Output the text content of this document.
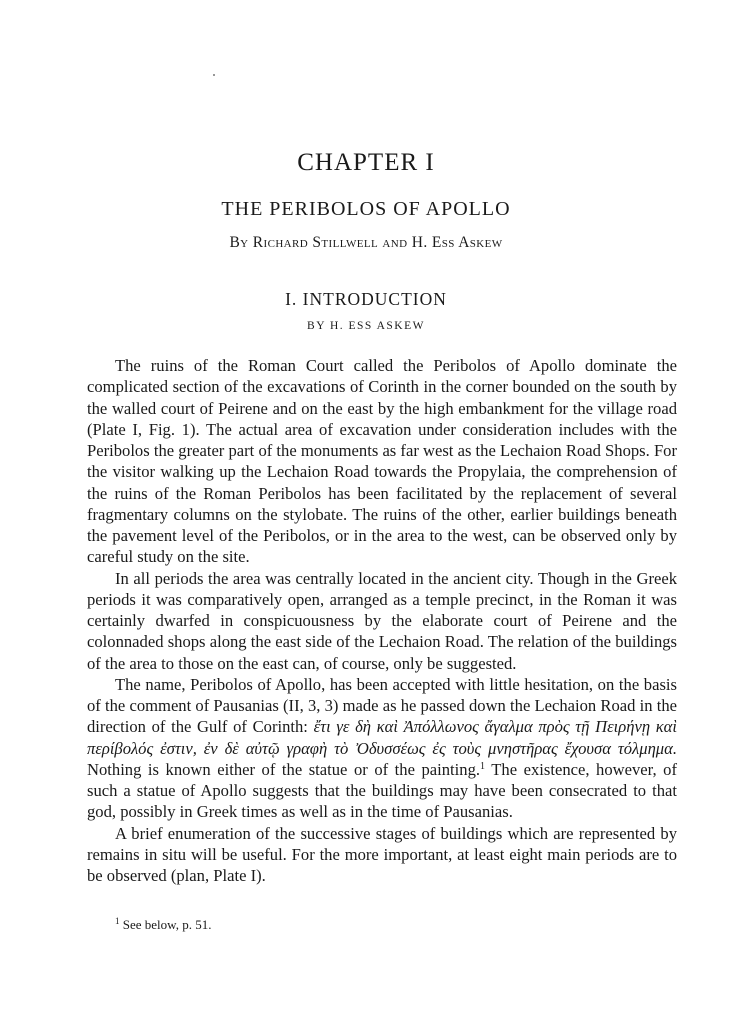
CHAPTER I
THE PERIBOLOS OF APOLLO
By Richard Stillwell and H. Ess Askew
I. INTRODUCTION
BY H. ESS ASKEW

The ruins of the Roman Court called the Peribolos of Apollo dominate the complicated section of the excavations of Corinth in the corner bounded on the south by the walled court of Peirene and on the east by the high embankment for the village road (Plate I, Fig. 1). The actual area of excavation under consideration includes with the Peribolos the greater part of the monuments as far west as the Lechaion Road Shops. For the visitor walking up the Lechaion Road towards the Propylaia, the comprehension of the ruins of the Roman Peribolos has been facilitated by the replacement of several fragmentary columns on the stylobate. The ruins of the other, earlier buildings beneath the pavement level of the Peribolos, or in the area to the west, can be observed only by careful study on the site.

In all periods the area was centrally located in the ancient city. Though in the Greek periods it was comparatively open, arranged as a temple precinct, in the Roman it was certainly dwarfed in conspicuousness by the elaborate court of Peirene and the colonnaded shops along the east side of the Lechaion Road. The relation of the buildings of the area to those on the east can, of course, only be suggested.

The name, Peribolos of Apollo, has been accepted with little hesitation, on the basis of the comment of Pausanias (II, 3, 3) made as he passed down the Lechaion Road in the direction of the Gulf of Corinth: ἔτι γε δὴ καὶ Ἀπόλλωνος ἄγαλμα πρὸς τῇ Πειρήνῃ καὶ περίβολός ἐστιν, ἐν δὲ αὐτῷ γραφὴ τὸ Ὀδυσσέως ἐς τοὺς μνηστῆρας ἔχουσα τόλμημα. Nothing is known either of the statue or of the painting.$^1$ The existence, however, of such a statue of Apollo suggests that the buildings may have been consecrated to that god, possibly in Greek times as well as in the time of Pausanias.

A brief enumeration of the successive stages of buildings which are represented by remains in situ will be useful. For the more important, at least eight main periods are to be observed (plan, Plate I).

$^1$ See below, p. 51.
